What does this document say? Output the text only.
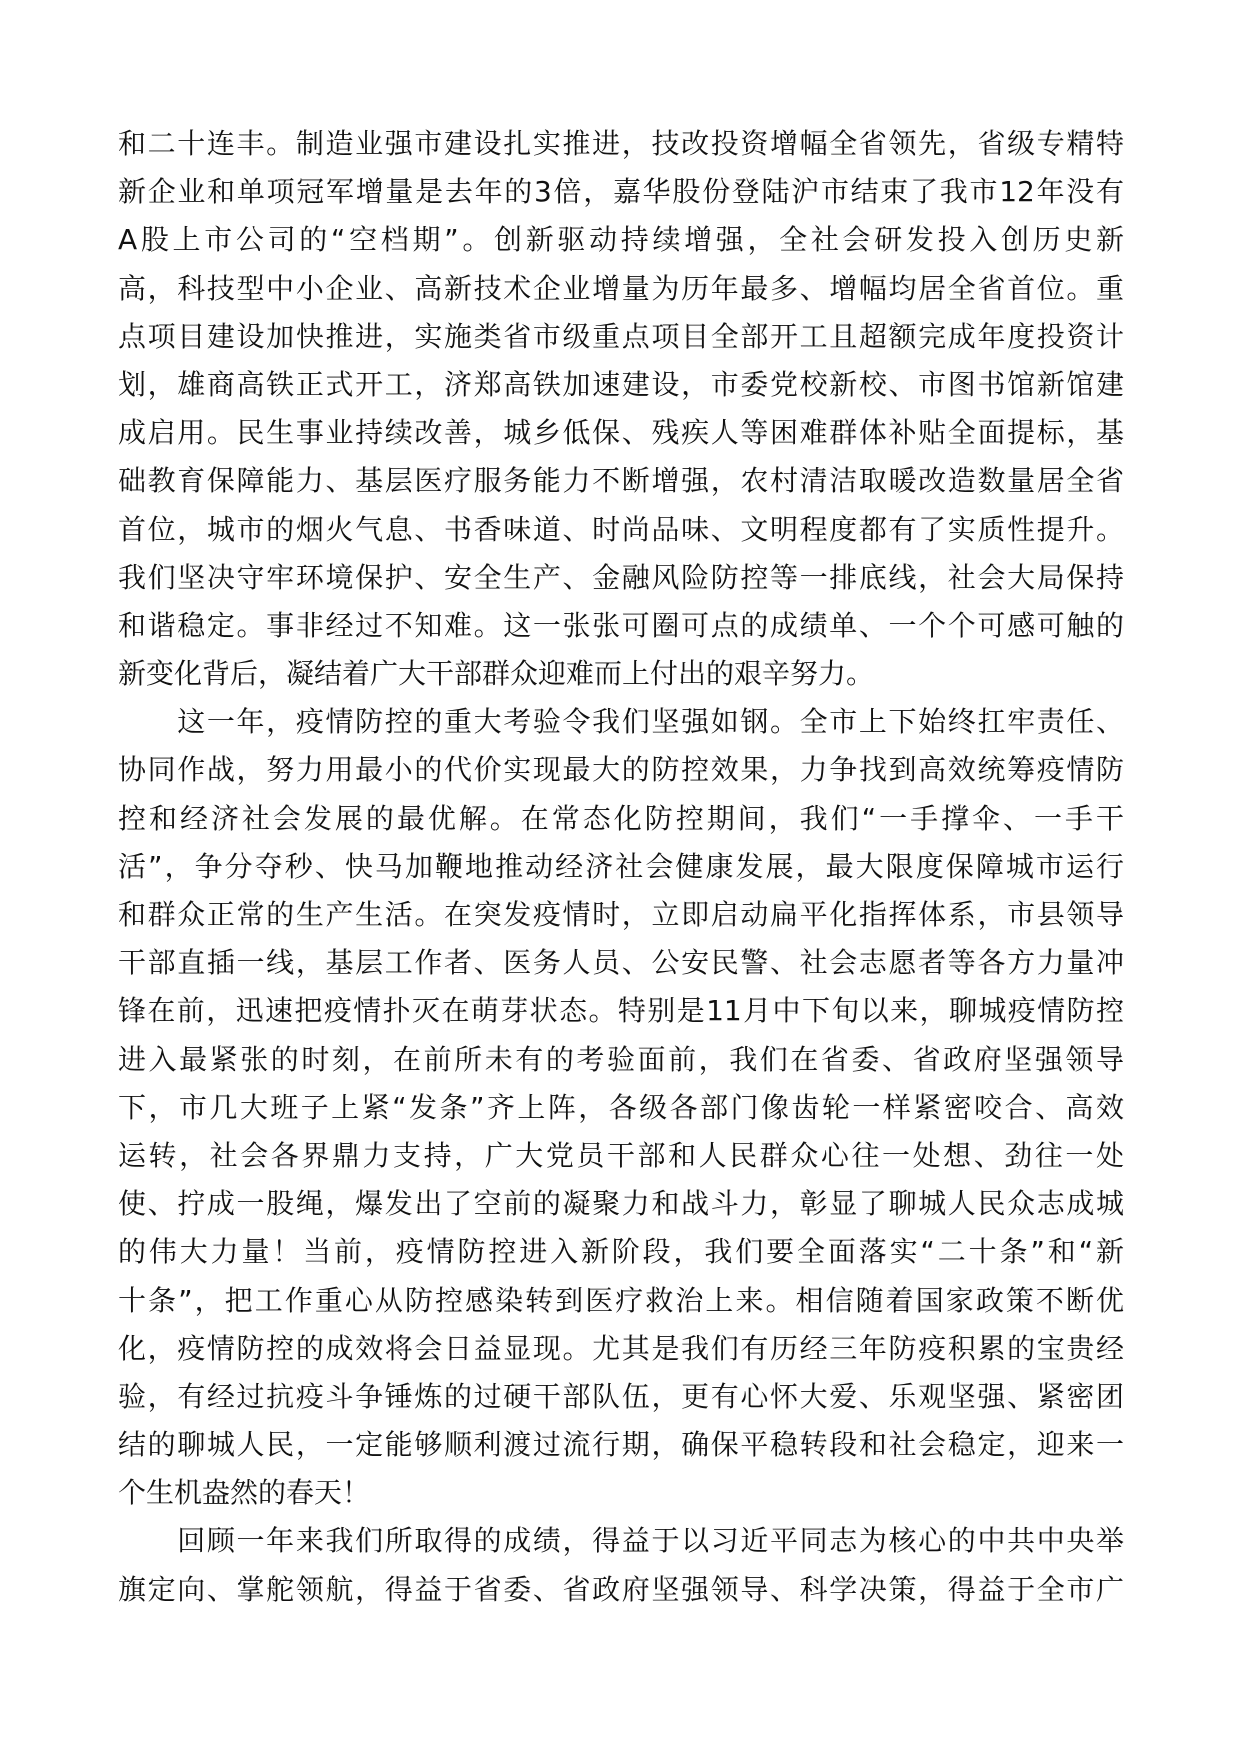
和二十连丰。制造业强市建设扎实推进，技改投资增幅全省领先，省级专精特
新企业和单项冠军增量是去年的3倍，嘉华股份登陆沪市结束了我市12年没有
A股上市公司的“空档期”。创新驱动持续增强，全社会研发投入创历史新
高，科技型中小企业、高新技术企业增量为历年最多、增幅均居全省首位。重
点项目建设加快推进，实施类省市级重点项目全部开工且超额完成年度投资计
划，雄商高铁正式开工，济郑高铁加速建设，市委党校新校、市图书馆新馆建
成启用。民生事业持续改善，城乡低保、残疾人等困难群体补贴全面提标，基
础教育保障能力、基层医疗服务能力不断增强，农村清洁取暖改造数量居全省
首位，城市的烟火气息、书香味道、时尚品味、文明程度都有了实质性提升。
我们坚决守牢环境保护、安全生产、金融风险防控等一排底线，社会大局保持
和谐稳定。事非经过不知难。这一张张可圈可点的成绩单、一个个可感可触的
新变化背后，凝结着广大干部群众迎难而上付出的艰辛努力。

　　这一年，疫情防控的重大考验令我们坚强如钢。全市上下始终扛牢责任、
协同作战，努力用最小的代价实现最大的防控效果，力争找到高效统筹疫情防
控和经济社会发展的最优解。在常态化防控期间，我们“一手撑伞、一手干
活”，争分夺秒、快马加鞭地推动经济社会健康发展，最大限度保障城市运行
和群众正常的生产生活。在突发疫情时，立即启动扁平化指挥体系，市县领导
干部直插一线，基层工作者、医务人员、公安民警、社会志愿者等各方力量冲
锋在前，迅速把疫情扑灭在萌芽状态。特别是11月中下旬以来，聊城疫情防控
进入最紧张的时刻，在前所未有的考验面前，我们在省委、省政府坚强领导
下，市几大班子上紧“发条”齐上阵，各级各部门像齿轮一样紧密咬合、高效
运转，社会各界鼎力支持，广大党员干部和人民群众心往一处想、劲往一处
使、拧成一股绳，爆发出了空前的凝聚力和战斗力，彰显了聊城人民众志成城
的伟大力量！当前，疫情防控进入新阶段，我们要全面落实“二十条”和“新
十条”，把工作重心从防控感染转到医疗救治上来。相信随着国家政策不断优
化，疫情防控的成效将会日益显现。尤其是我们有历经三年防疫积累的宝贵经
验，有经过抗疫斗争锤炼的过硬干部队伍，更有心怀大爱、乐观坚强、紧密团
结的聊城人民，一定能够顺利渡过流行期，确保平稳转段和社会稳定，迎来一
个生机盎然的春天！

　　回顾一年来我们所取得的成绩，得益于以习近平同志为核心的中共中央举
旗定向、掌舵领航，得益于省委、省政府坚强领导、科学决策，得益于全市广
